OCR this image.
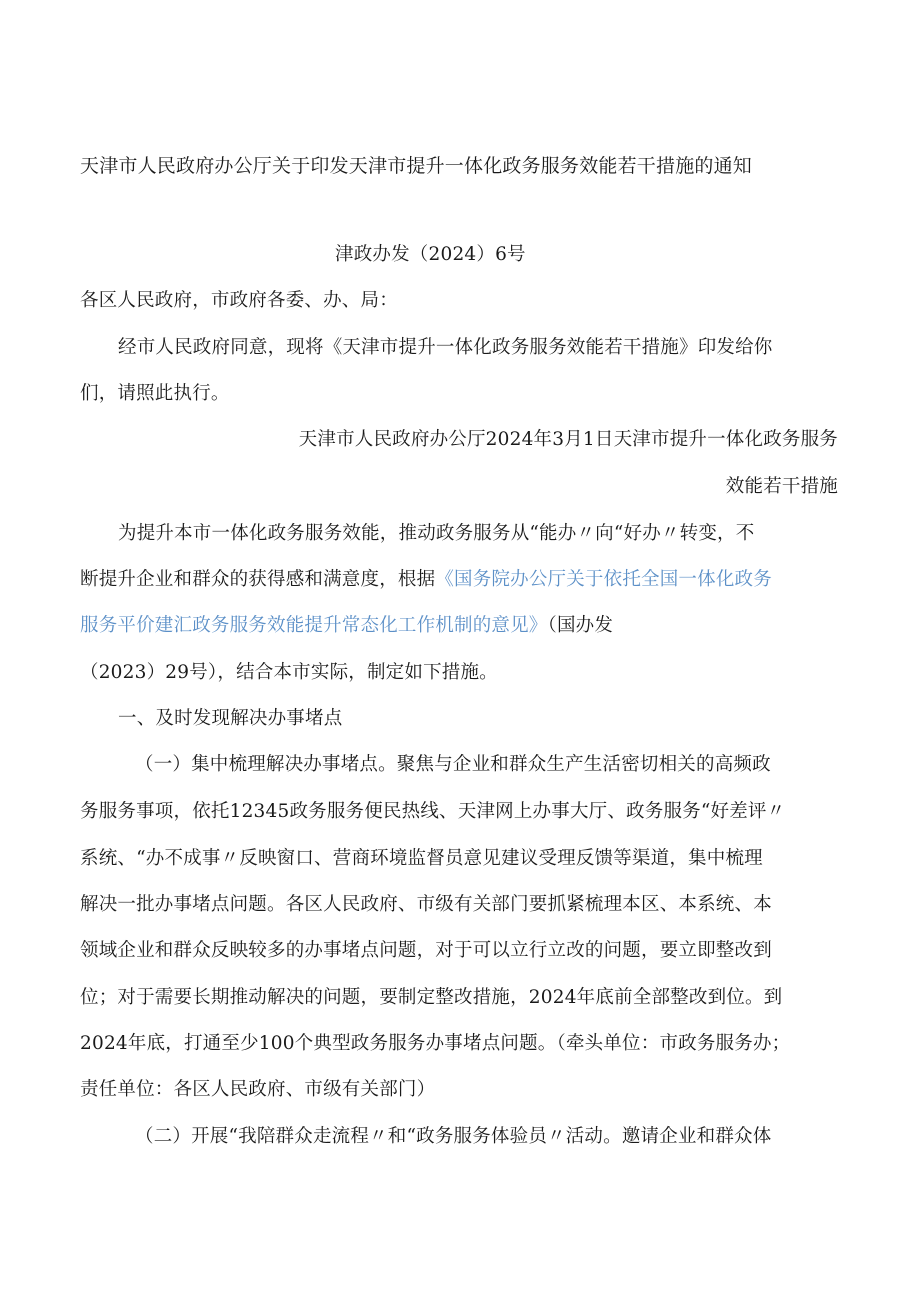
天津市人民政府办公厅关于印发天津市提升一体化政务服务效能若干措施的通知
津政办发（2024）6号
各区人民政府，市政府各委、办、局：
经市人民政府同意，现将《天津市提升一体化政务服务效能若干措施》印发给你
们，请照此执行。
天津市人民政府办公厅2024年3月1日天津市提升一体化政务服务
效能若干措施
为提升本市一体化政务服务效能，推动政务服务从“能办〃向“好办〃转变，不
断提升企业和群众的获得感和满意度，根据《国务院办公厅关于依托全国一体化政务
服务平价建汇政务服务效能提升常态化工作机制的意见》（国办发
（2023）29号），结合本市实际，制定如下措施。
一、及时发现解决办事堵点
（一）集中梳理解决办事堵点。聚焦与企业和群众生产生活密切相关的高频政
务服务事项，依托12345政务服务便民热线、天津网上办事大厅、政务服务“好差评〃
系统、“办不成事〃反映窗口、营商环境监督员意见建议受理反馈等渠道，集中梳理
解决一批办事堵点问题。各区人民政府、市级有关部门要抓紧梳理本区、本系统、本
领域企业和群众反映较多的办事堵点问题，对于可以立行立改的问题，要立即整改到
位；对于需要长期推动解决的问题，要制定整改措施，2024年底前全部整改到位。到
2024年底，打通至少100个典型政务服务办事堵点问题。（牵头单位：市政务服务办；
责任单位：各区人民政府、市级有关部门）
（二）开展“我陪群众走流程〃和“政务服务体验员〃活动。邀请企业和群众体
